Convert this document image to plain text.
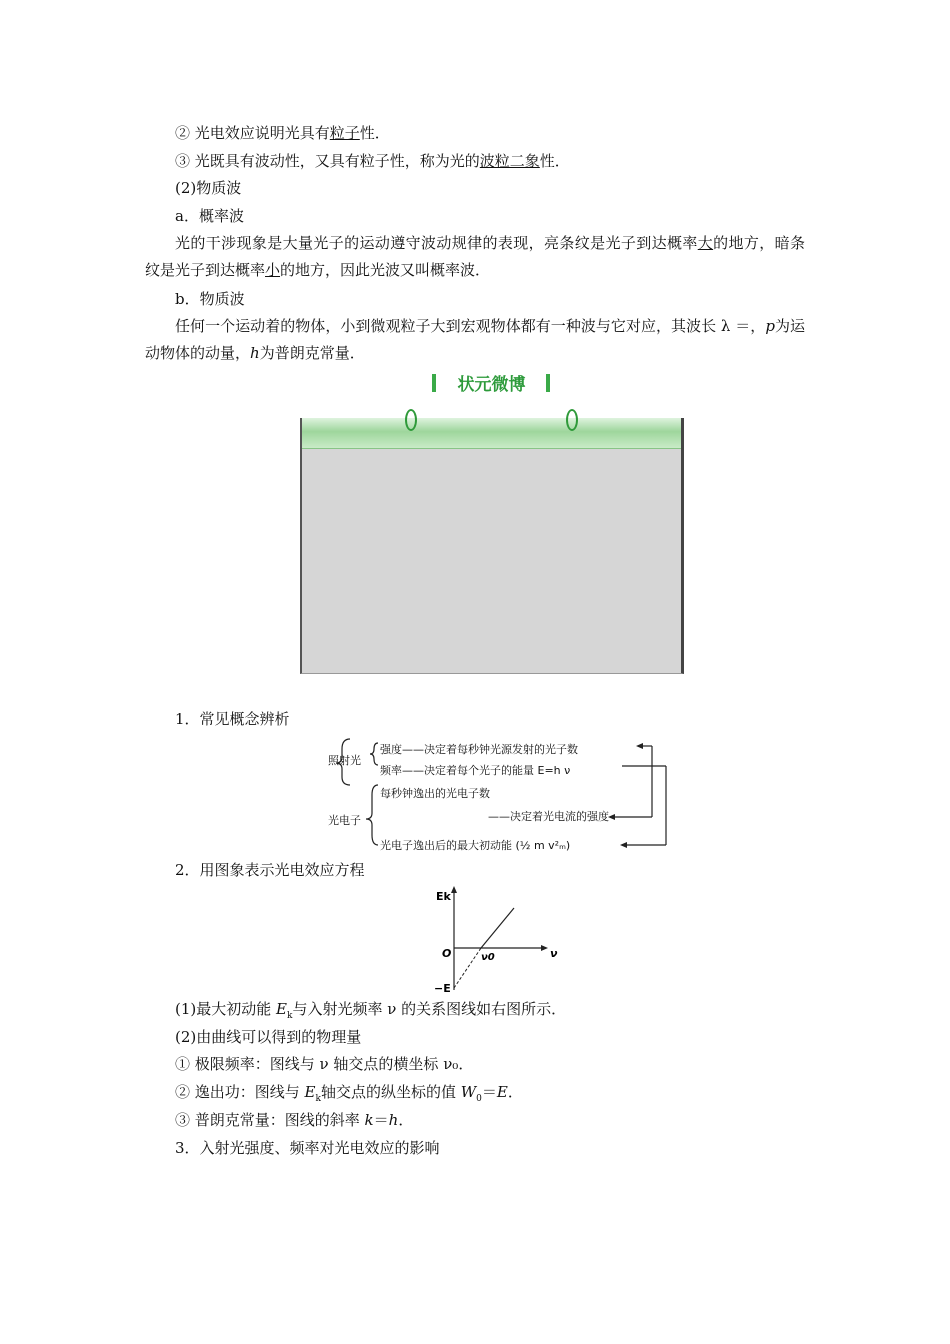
② 光电效应说明光具有粒子性．
③ 光既具有波动性，又具有粒子性，称为光的波粒二象性．
(2)物质波
a．概率波
光的干涉现象是大量光子的运动遵守波动规律的表现，亮条纹是光子到达概率大的地方，暗条纹是光子到达概率小的地方，因此光波又叫概率波．
b．物质波
任何一个运动着的物体，小到微观粒子大到宏观物体都有一种波与它对应，其波长 λ ＝，p为运动物体的动量，h为普朗克常量．
状元微博
1．常见概念辨析
照射光
强度——决定着每秒钟光源发射的光子数
频率——决定着每个光子的能量 E=h ν
每秒钟逸出的光电子数
光电子	——决定着光电流的强度
光电子逸出后的最大初动能 (½ m v²ₘ)
2．用图象表示光电效应方程
Ek
ν
O	ν0
−E
(1)最大初动能 $E_k$与入射光频率 ν 的关系图线如右图所示．
(2)由曲线可以得到的物理量
① 极限频率：图线与 ν 轴交点的横坐标 ν₀．
② 逸出功：图线与 $E_k$轴交点的纵坐标的值 $W_0=E$．
③ 普朗克常量：图线的斜率 k＝h．
3．入射光强度、频率对光电效应的影响
